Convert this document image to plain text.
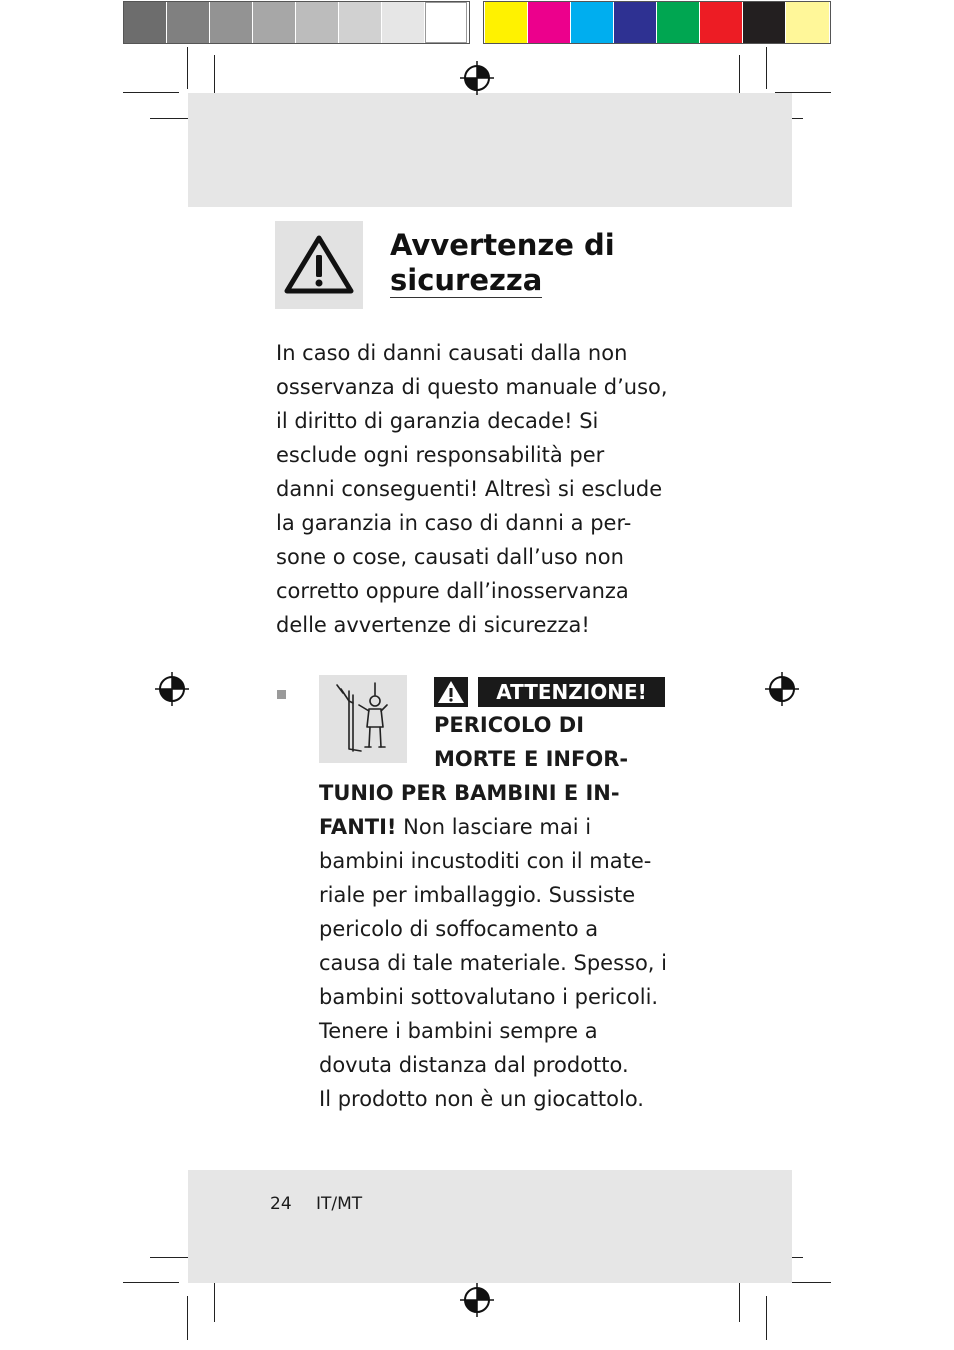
Avvertenze di
sicurezza
In caso di danni causati dalla non
osservanza di questo manuale d’uso,
il diritto di garanzia decade! Si
esclude ogni responsabilità per
danni conseguenti! Altresì si esclude
la garanzia in caso di danni a per-
sone o cose, causati dall’uso non
corretto oppure dall’inosservanza
delle avvertenze di sicurezza!
ATTENZIONE!
PERICOLO DI
MORTE E INFOR-
TUNIO PER BAMBINI E IN-
FANTI! Non lasciare mai i
bambini incustoditi con il mate-
riale per imballaggio. Sussiste
pericolo di soffocamento a
causa di tale materiale. Spesso, i
bambini sottovalutano i pericoli.
Tenere i bambini sempre a
dovuta distanza dal prodotto.
Il prodotto non è un giocattolo.
24 IT/MT
